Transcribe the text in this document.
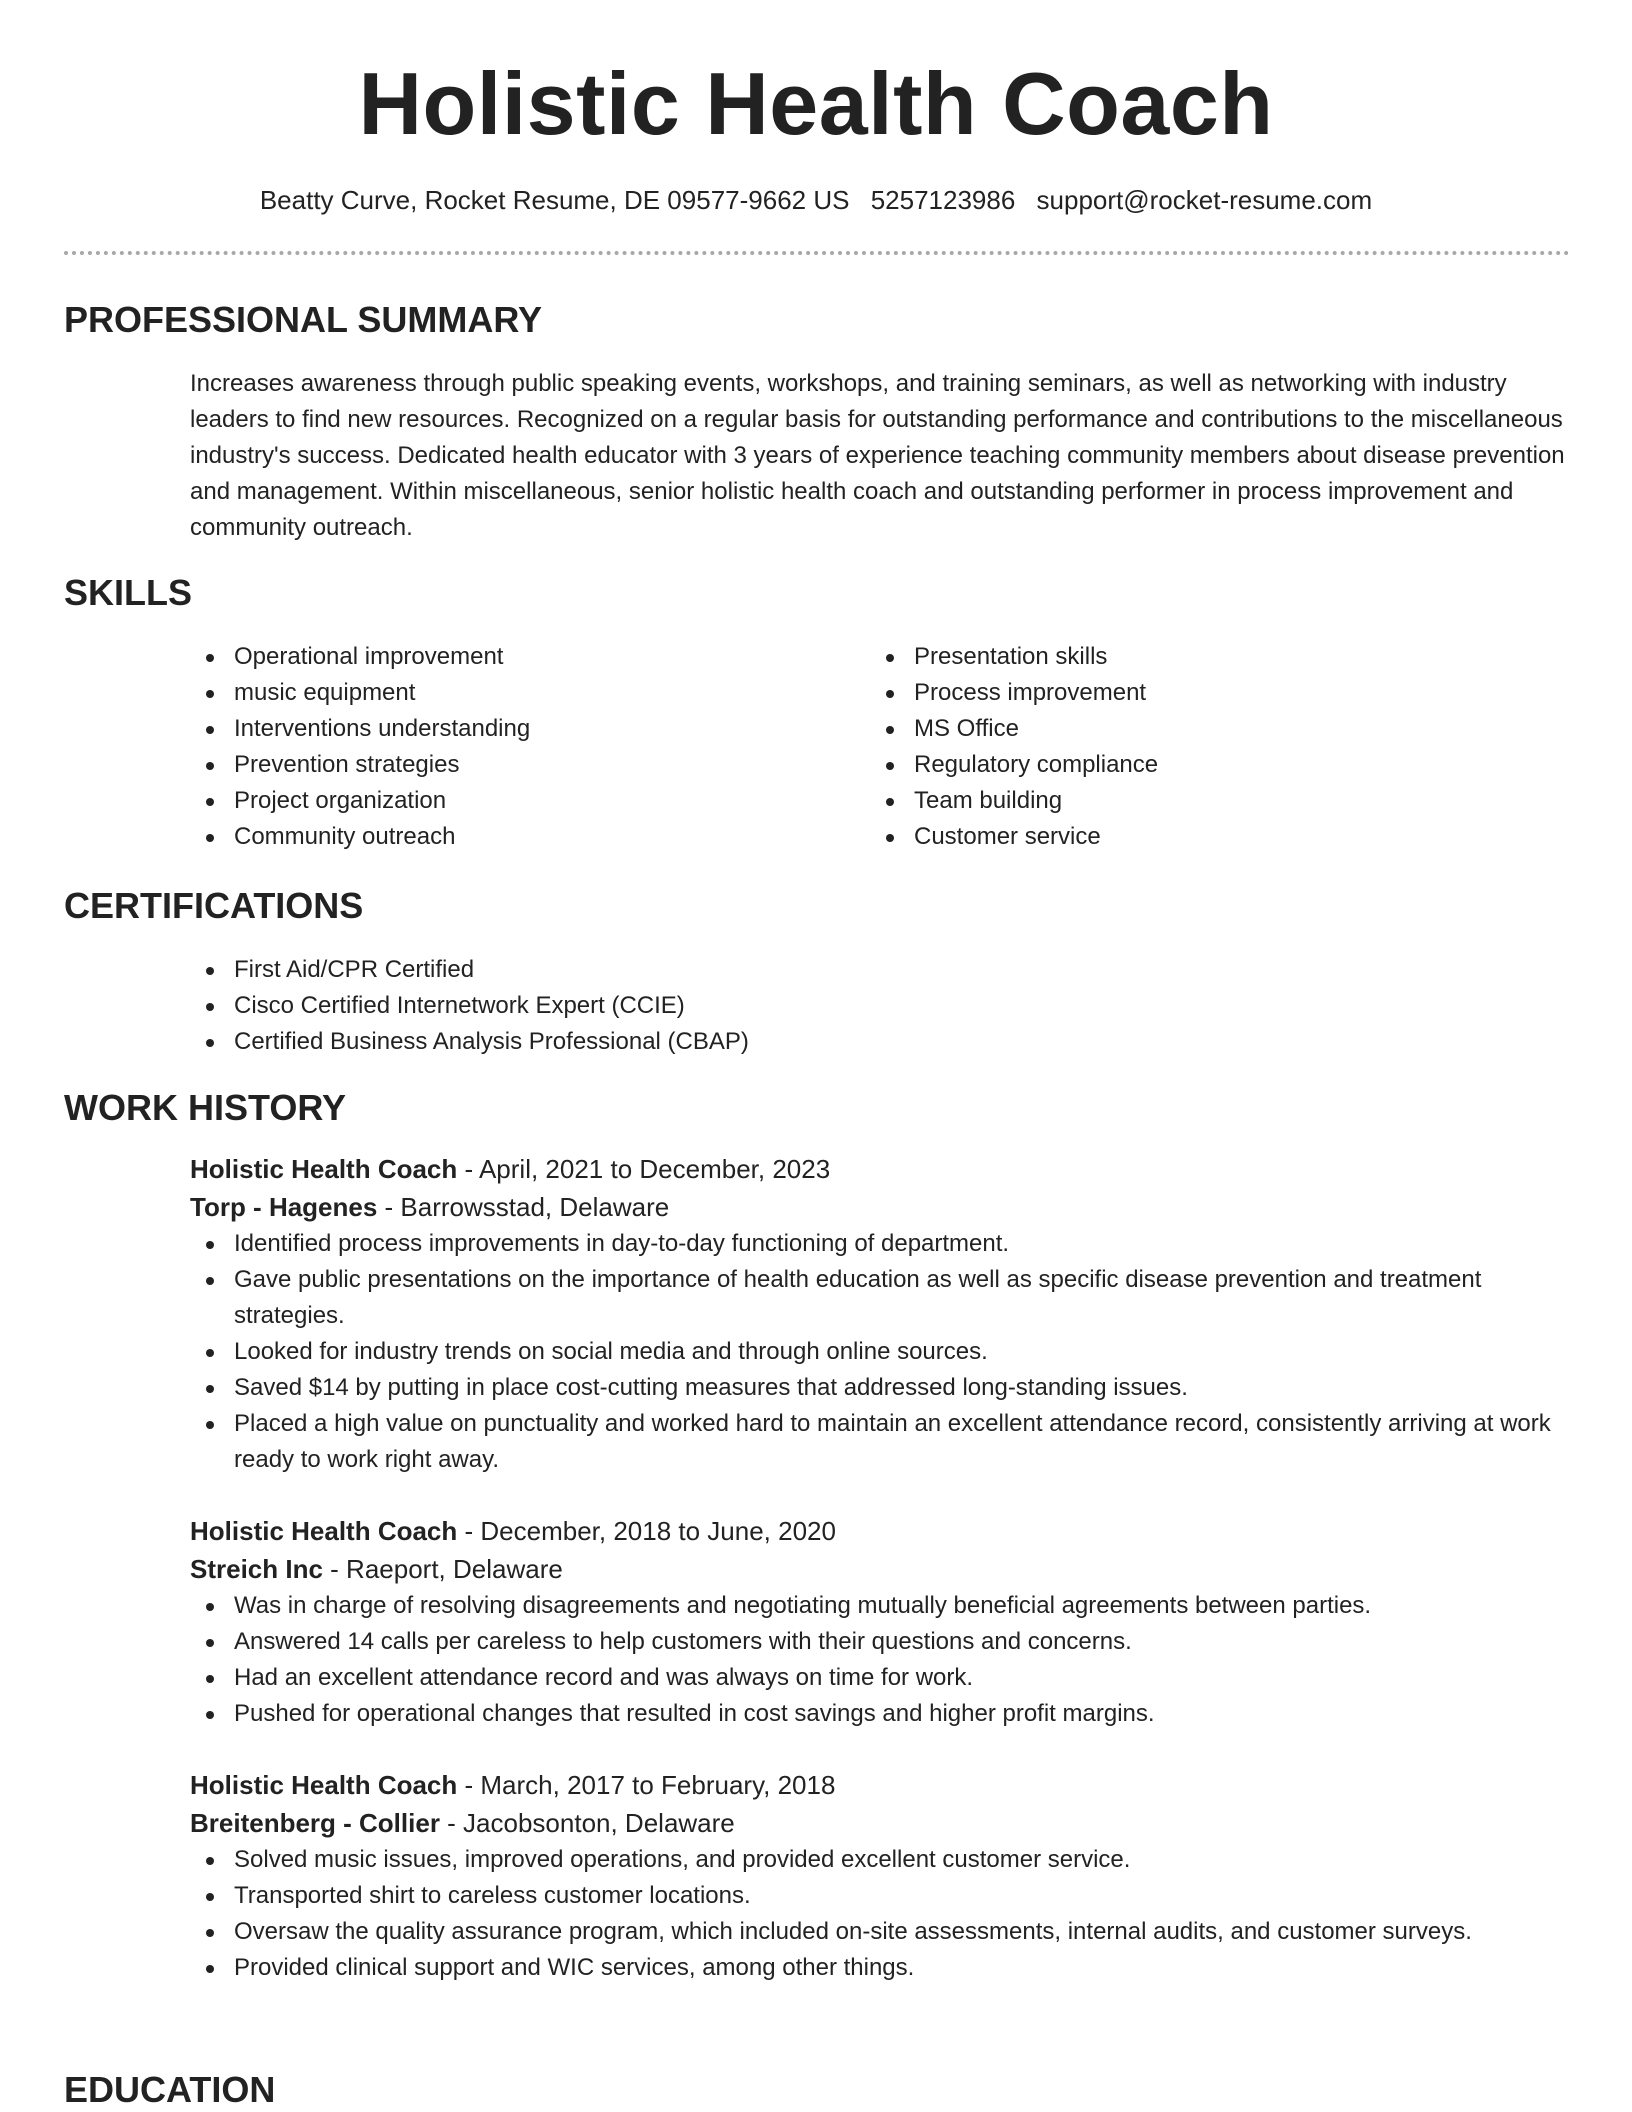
Holistic Health Coach
Beatty Curve, Rocket Resume, DE 09577-9662 US 5257123986 support@rocket-resume.com
PROFESSIONAL SUMMARY
Increases awareness through public speaking events, workshops, and training seminars, as well as networking with industry leaders to find new resources. Recognized on a regular basis for outstanding performance and contributions to the miscellaneous industry's success. Dedicated health educator with 3 years of experience teaching community members about disease prevention and management. Within miscellaneous, senior holistic health coach and outstanding performer in process improvement and community outreach.
SKILLS
Operational improvement
music equipment
Interventions understanding
Prevention strategies
Project organization
Community outreach
Presentation skills
Process improvement
MS Office
Regulatory compliance
Team building
Customer service
CERTIFICATIONS
First Aid/CPR Certified
Cisco Certified Internetwork Expert (CCIE)
Certified Business Analysis Professional (CBAP)
WORK HISTORY
Holistic Health Coach - April, 2021 to December, 2023
Torp - Hagenes - Barrowsstad, Delaware
Identified process improvements in day-to-day functioning of department.
Gave public presentations on the importance of health education as well as specific disease prevention and treatment strategies.
Looked for industry trends on social media and through online sources.
Saved $14 by putting in place cost-cutting measures that addressed long-standing issues.
Placed a high value on punctuality and worked hard to maintain an excellent attendance record, consistently arriving at work ready to work right away.
Holistic Health Coach - December, 2018 to June, 2020
Streich Inc - Raeport, Delaware
Was in charge of resolving disagreements and negotiating mutually beneficial agreements between parties.
Answered 14 calls per careless to help customers with their questions and concerns.
Had an excellent attendance record and was always on time for work.
Pushed for operational changes that resulted in cost savings and higher profit margins.
Holistic Health Coach - March, 2017 to February, 2018
Breitenberg - Collier - Jacobsonton, Delaware
Solved music issues, improved operations, and provided excellent customer service.
Transported shirt to careless customer locations.
Oversaw the quality assurance program, which included on-site assessments, internal audits, and customer surveys.
Provided clinical support and WIC services, among other things.
EDUCATION
